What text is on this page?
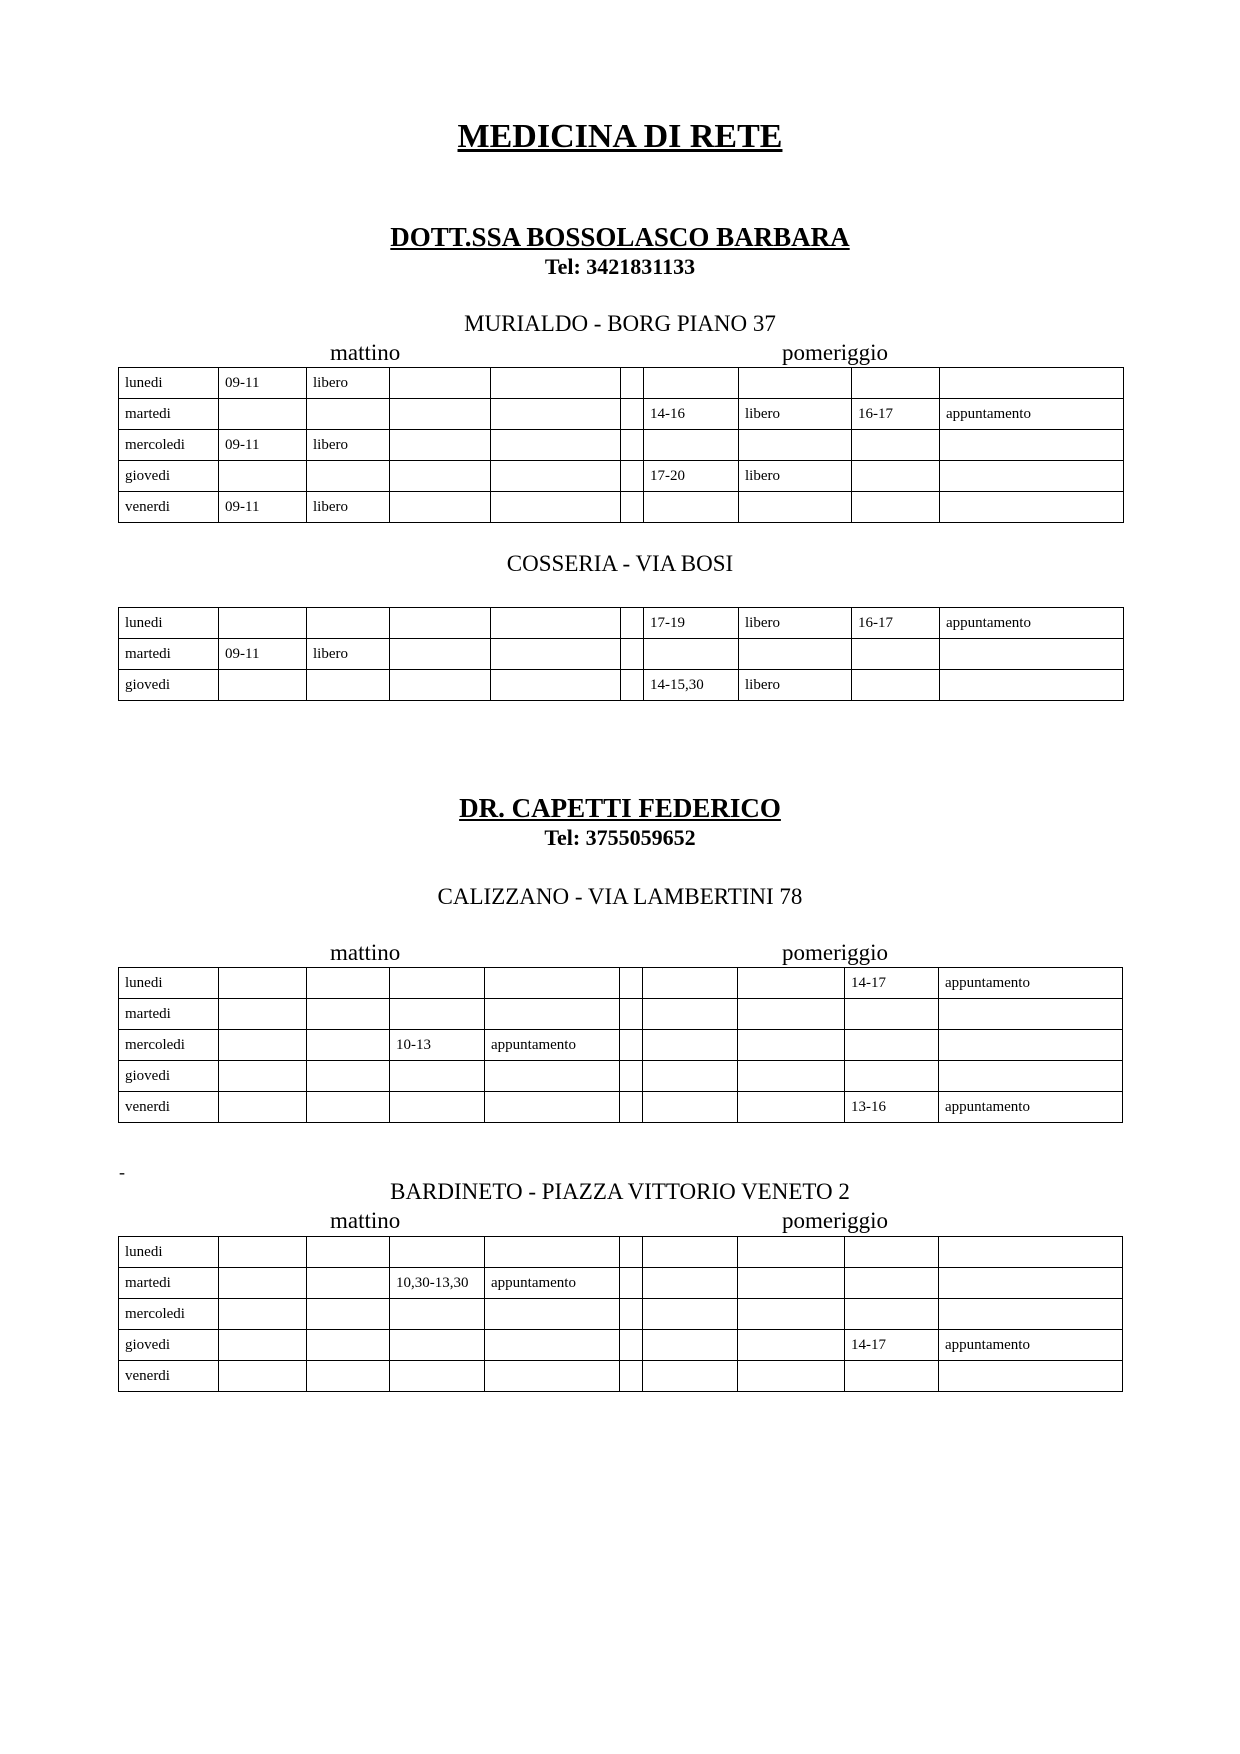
MEDICINA DI RETE
DOTT.SSA BOSSOLASCO BARBARA
Tel: 3421831133
MURIALDO - BORG PIANO 37
mattino	pomeriggio
lunedi	09-11	libero							
martedi						14-16	libero	16-17	appuntamento
mercoledi	09-11	libero							
giovedi						17-20	libero		
venerdi	09-11	libero							
COSSERIA - VIA BOSI
lunedi						17-19	libero	16-17	appuntamento
martedi	09-11	libero							
giovedi						14-15,30	libero		
DR. CAPETTI FEDERICO
Tel: 3755059652
CALIZZANO - VIA LAMBERTINI 78
mattino	pomeriggio
lunedi								14-17	appuntamento
martedi									
mercoledi			10-13	appuntamento					
giovedi									
venerdi								13-16	appuntamento
-
BARDINETO - PIAZZA VITTORIO VENETO 2
mattino	pomeriggio
lunedi									
martedi			10,30-13,30	appuntamento					
mercoledi									
giovedi								14-17	appuntamento
venerdi									
